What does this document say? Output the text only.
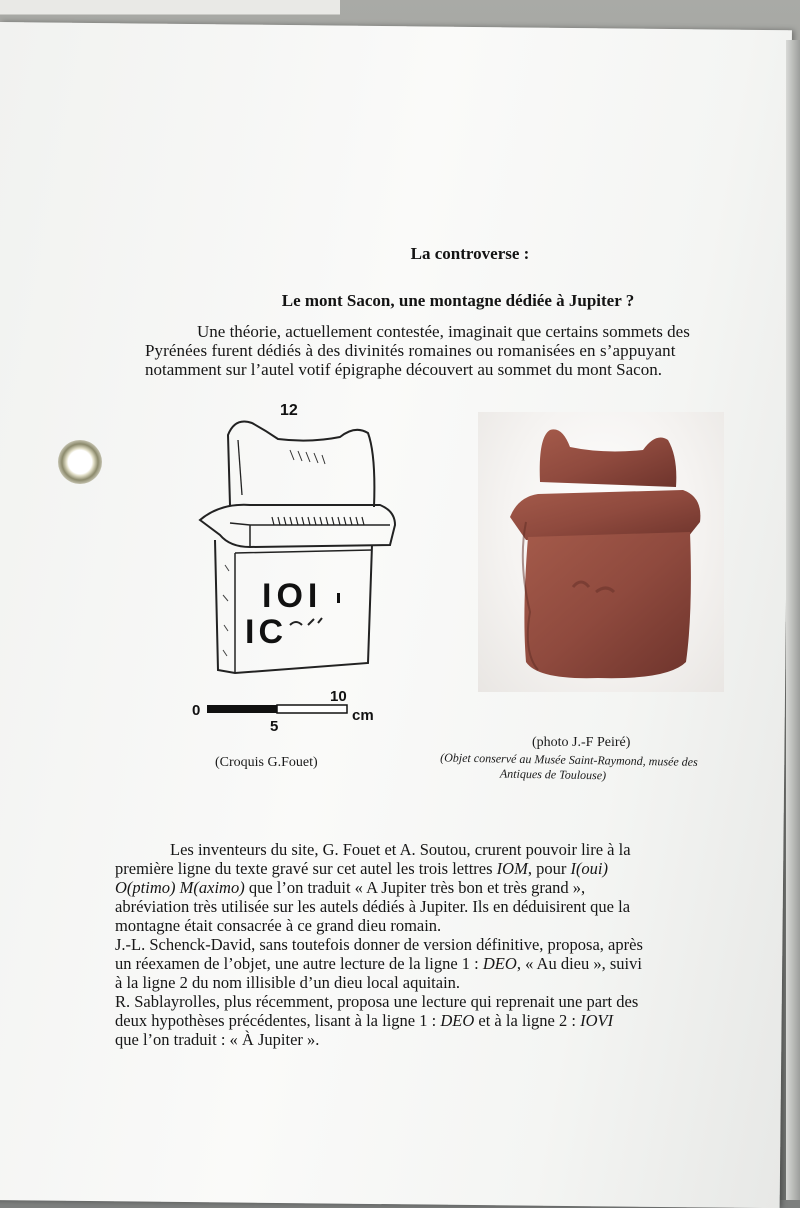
La controverse :
Le mont Sacon, une montagne dédiée à Jupiter ?
Une théorie, actuellement contestée, imaginait que certains sommets des
Pyrénées furent dédiés à des divinités romaines ou romanisées en s’appuyant
notamment sur l’autel votif épigraphe découvert au sommet du mont Sacon.
IOI
IC
12
0
5
10
cm
(Croquis G.Fouet)
(photo J.-F Peiré)
(Objet conservé au Musée Saint-Raymond, musée des
Antiques de Toulouse)
Les inventeurs du site, G. Fouet et A. Soutou, crurent pouvoir lire à la
première ligne du texte gravé sur cet autel les trois lettres IOM, pour I(oui)
O(ptimo) M(aximo) que l’on traduit « A Jupiter très bon et très grand »,
abréviation très utilisée sur les autels dédiés à Jupiter. Ils en déduisirent que la
montagne était consacrée à ce grand dieu romain.
J.-L. Schenck-David, sans toutefois donner de version définitive, proposa, après
un réexamen de l’objet, une autre lecture de la ligne 1 : DEO, « Au dieu », suivi
à la ligne 2 du nom illisible d’un dieu local aquitain.
R. Sablayrolles, plus récemment, proposa une lecture qui reprenait une part des
deux hypothèses précédentes, lisant à la ligne 1 : DEO et à la ligne 2 : IOVI
que l’on traduit : « À Jupiter ».
